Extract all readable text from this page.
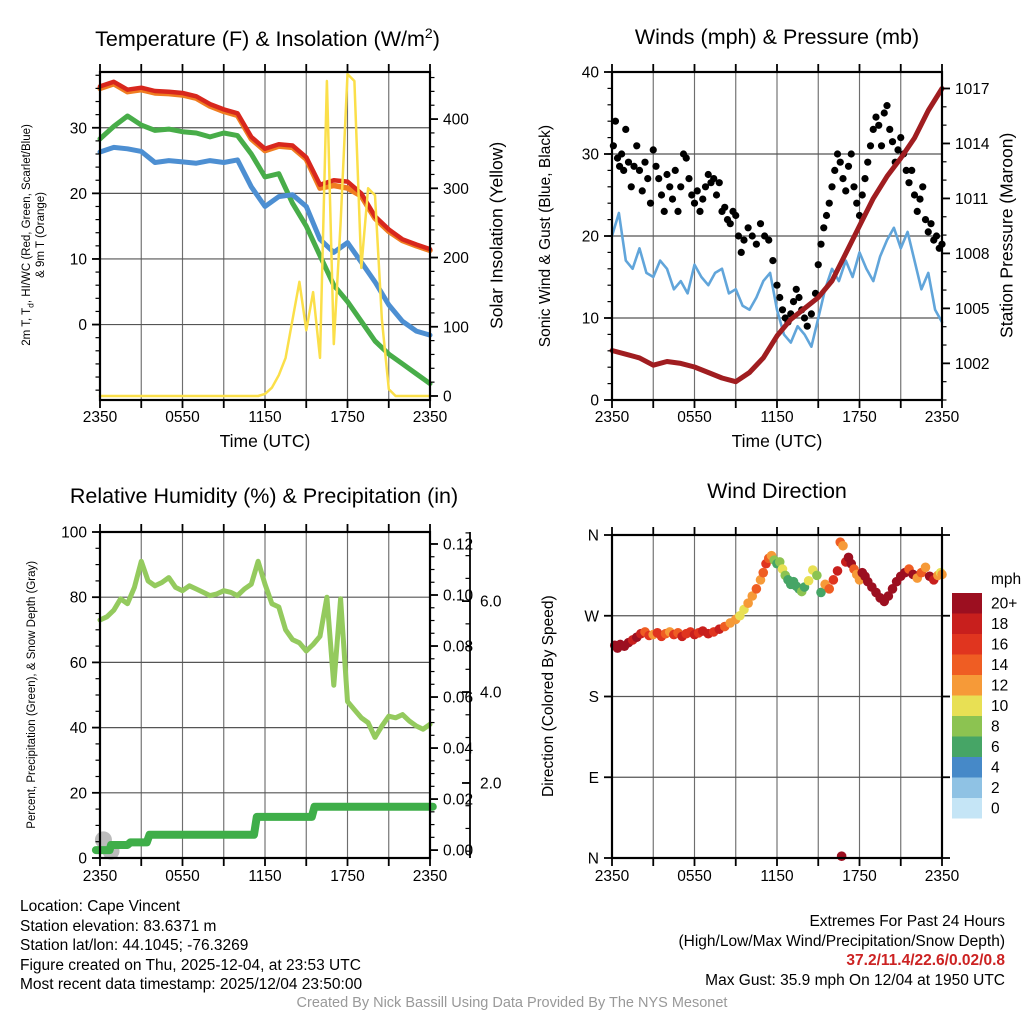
2350	0550	1150	1750	2350
0
10
20
30
0
100
200
300
400
2350	0550	1150	1750	2350
0
10
20
30
40
1002
1005
1008
1011
1014
1017
2350	0550	1150	1750	2350
0
20
40
60
80
100
0.00
0.02
0.04
0.06
0.08
0.10
0.12
2.0
4.0
6.0
2350	0550	1150	1750	2350
N
W
S
E
N
mph
20+
18
16
14
12
10
8
6
4
2
0
Temperature (F) & Insolation $(W/m^2)$	Winds (mph) & Pressure (mb)
Relative Humidity (%) & Precipitation (in)	Wind Direction
Time (UTC)	Time (UTC)
2m T, $T_d$, HI/WC (Red, Green, Scarlet/Blue) & 9m T (Orange)	Solar Insolation (Yellow) Sonic Wind & Gust (Blue, Black)	Station Pressure (Maroon)
Percent, Precipitation (Green), & Snow Depth (Gray)	Direction (Colored By Speed)
Location: Cape Vincent
Station elevation: 83.6371 m
Station lat/lon: 44.1045; -76.3269
Figure created on Thu, 2025-12-04, at 23:53 UTC
Most recent data timestamp: 2025/12/04 23:50:00
Extremes For Past 24 Hours
(High/Low/Max Wind/Precipitation/Snow Depth)
37.2/11.4/22.6/0.02/0.8
Max Gust: 35.9 mph On 12/04 at 1950 UTC
Created By Nick Bassill Using Data Provided By The NYS Mesonet
